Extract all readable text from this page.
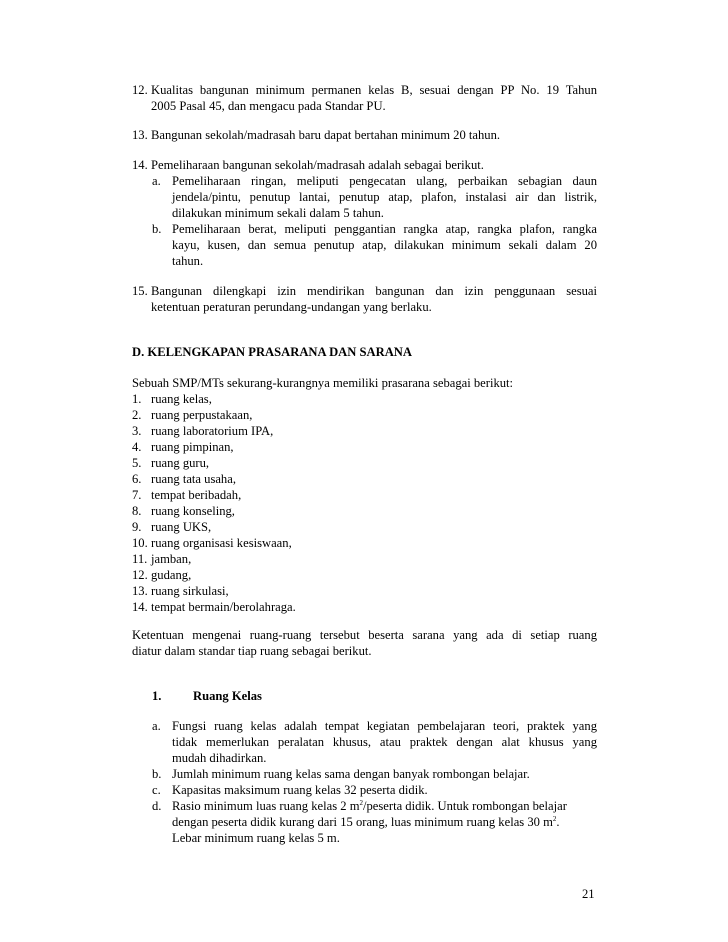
12. Kualitas bangunan minimum permanen kelas B, sesuai dengan PP No. 19 Tahun
2005 Pasal 45, dan mengacu pada Standar PU.
13. Bangunan sekolah/madrasah baru dapat bertahan minimum 20 tahun.
14. Pemeliharaan bangunan sekolah/madrasah adalah sebagai berikut.
a. Pemeliharaan ringan, meliputi pengecatan ulang, perbaikan sebagian daun
jendela/pintu, penutup lantai, penutup atap, plafon, instalasi air dan listrik,
dilakukan minimum sekali dalam 5 tahun.
b. Pemeliharaan berat, meliputi penggantian rangka atap, rangka plafon, rangka
kayu, kusen, dan semua penutup atap, dilakukan minimum sekali dalam 20
tahun.
15. Bangunan dilengkapi izin mendirikan bangunan dan izin penggunaan sesuai
ketentuan peraturan perundang-undangan yang berlaku.
D. KELENGKAPAN PRASARANA DAN SARANA
Sebuah SMP/MTs sekurang-kurangnya memiliki prasarana sebagai berikut:
1. ruang kelas,
2. ruang perpustakaan,
3. ruang laboratorium IPA,
4. ruang pimpinan,
5. ruang guru,
6. ruang tata usaha,
7. tempat beribadah,
8. ruang konseling,
9. ruang UKS,
10. ruang organisasi kesiswaan,
11. jamban,
12. gudang,
13. ruang sirkulasi,
14. tempat bermain/berolahraga.
Ketentuan mengenai ruang-ruang tersebut beserta sarana yang ada di setiap ruang
diatur dalam standar tiap ruang sebagai berikut.
1.	Ruang Kelas
a. Fungsi ruang kelas adalah tempat kegiatan pembelajaran teori, praktek yang
tidak memerlukan peralatan khusus, atau praktek dengan alat khusus yang
mudah dihadirkan.
b. Jumlah minimum ruang kelas sama dengan banyak rombongan belajar.
c. Kapasitas maksimum ruang kelas 32 peserta didik.
d. Rasio minimum luas ruang kelas 2 $m^2$/peserta didik. Untuk rombongan belajar
dengan peserta didik kurang dari 15 orang, luas minimum ruang kelas 30 $m^2$.
Lebar minimum ruang kelas 5 m.
21
